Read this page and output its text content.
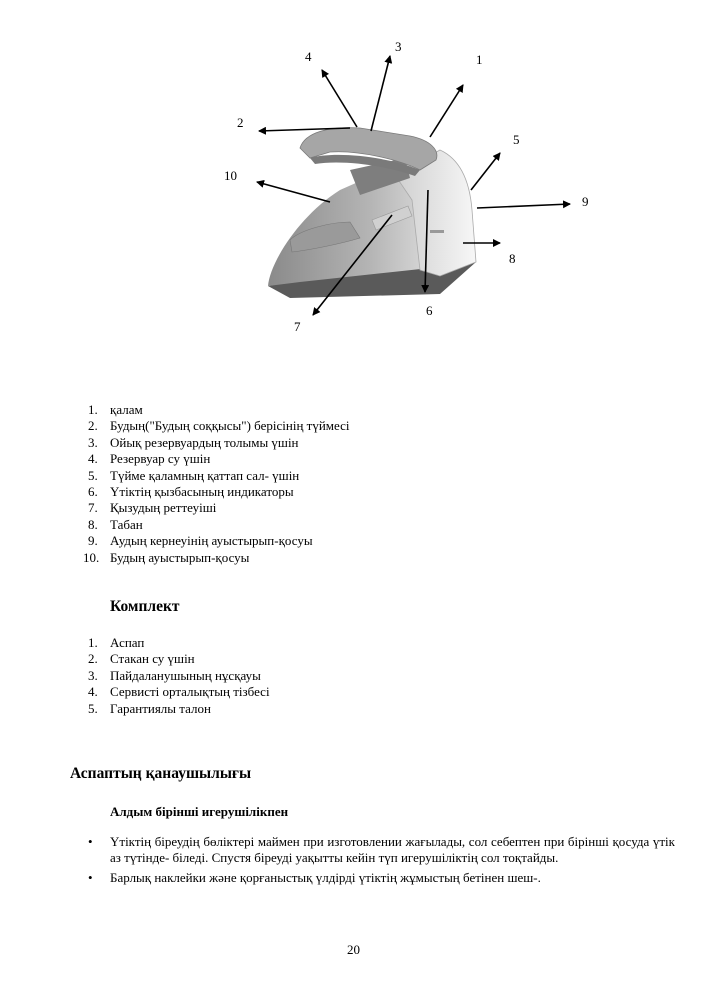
1
2
3
4
5
6
7
8
9
10
1. қалам
2. Будың("Будың соққысы") берісінің түймесі
3. Ойық резервуардың толымы үшін
4. Резервуар су үшін
5. Түйме қаламның қаттап сал- үшін
6. Үтіктің қызбасының индикаторы
7. Қызудың реттеуіші
8. Табан
9. Аудың кернеуінің ауыстырып-қосуы
10. Будың ауыстырып-қосуы
Комплект
1. Аспап
2. Стакан су үшін
3. Пайдаланушының нұсқауы
4. Сервисті орталықтың тізбесі
5. Гарантиялы талон
Аспаптың қанаушылығы
Алдым бірінші игерушілікпен
• Үтіктің біреудің бөліктері маймен при изготовлении жағылады, сол себептен при бірінші қосуда үтік аз түтінде- біледі. Спустя біреуді уақытты кейін түп игерушіліктің сол тоқтайды.
• Барлық наклейки және қорғаныстық үлдірді үтіктің жұмыстың бетінен шеш-.
20
